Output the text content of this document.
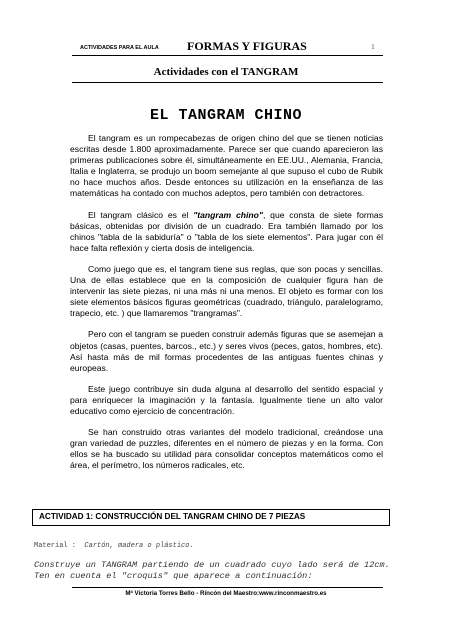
ACTIVIDADES PARA EL AULA FORMAS Y FIGURAS	1
Actividades con el TANGRAM
EL TANGRAM CHINO

El tangram es un rompecabezas de origen chino del que se tienen noticias escritas desde 1.800 aproximadamente. Parece ser que cuando aparecieron las primeras publicaciones sobre él, simultáneamente en EE.UU., Alemania, Francia, Italia e Inglaterra, se produjo un boom semejante al que supuso el cubo de Rubik no hace muchos años. Desde entonces su utilización en la enseñanza de las matemáticas ha contado con muchos adeptos, pero también con detractores.

El tangram clásico es el "tangram chino", que consta de siete formas básicas, obtenidas por división de un cuadrado. Era también llamado por los chinos "tabla de la sabiduría" o "tabla de los siete elementos". Para jugar con él hace falta reflexión y cierta dosis de inteligencia.

Como juego que es, el tangram tiene sus reglas, que son pocas y sencillas. Una de ellas establece que en la composición de cualquier figura han de intervenir las siete piezas, ni una más ni una menos. El objeto es formar con los siete elementos básicos figuras geométricas (cuadrado, triángulo, paralelogramo, trapecio, etc. ) que llamaremos "trangramas".

Pero con el tangram se pueden construir además figuras que se asemejan a objetos (casas, puentes, barcos., etc.) y seres vivos (peces, gatos, hombres, etc). Así hasta más de mil formas procedentes de las antiguas fuentes chinas y europeas.

Este juego contribuye sin duda alguna al desarrollo del sentido espacial y para enriquecer la imaginación y la fantasía. Igualmente tiene un alto valor educativo como ejercicio de concentración.

Se han construido otras variantes del modelo tradicional, creándose una gran variedad de puzzles, diferentes en el número de piezas y en la forma. Con ellos se ha buscado su utilidad para consolidar conceptos matemáticos como el área, el perímetro, los números radicales, etc.

ACTIVIDAD 1: CONSTRUCCIÓN DEL TANGRAM CHINO DE 7 PIEZAS
Material : Cartón, madera o plástico.
Construye un TANGRAM partiendo de un cuadrado cuyo lado será de 12cm. Ten en cuenta el "croquis" que aparece a continuación:
Mª Victoria Torres Bello - Rincón del Maestro:www.rinconmaestro.es
